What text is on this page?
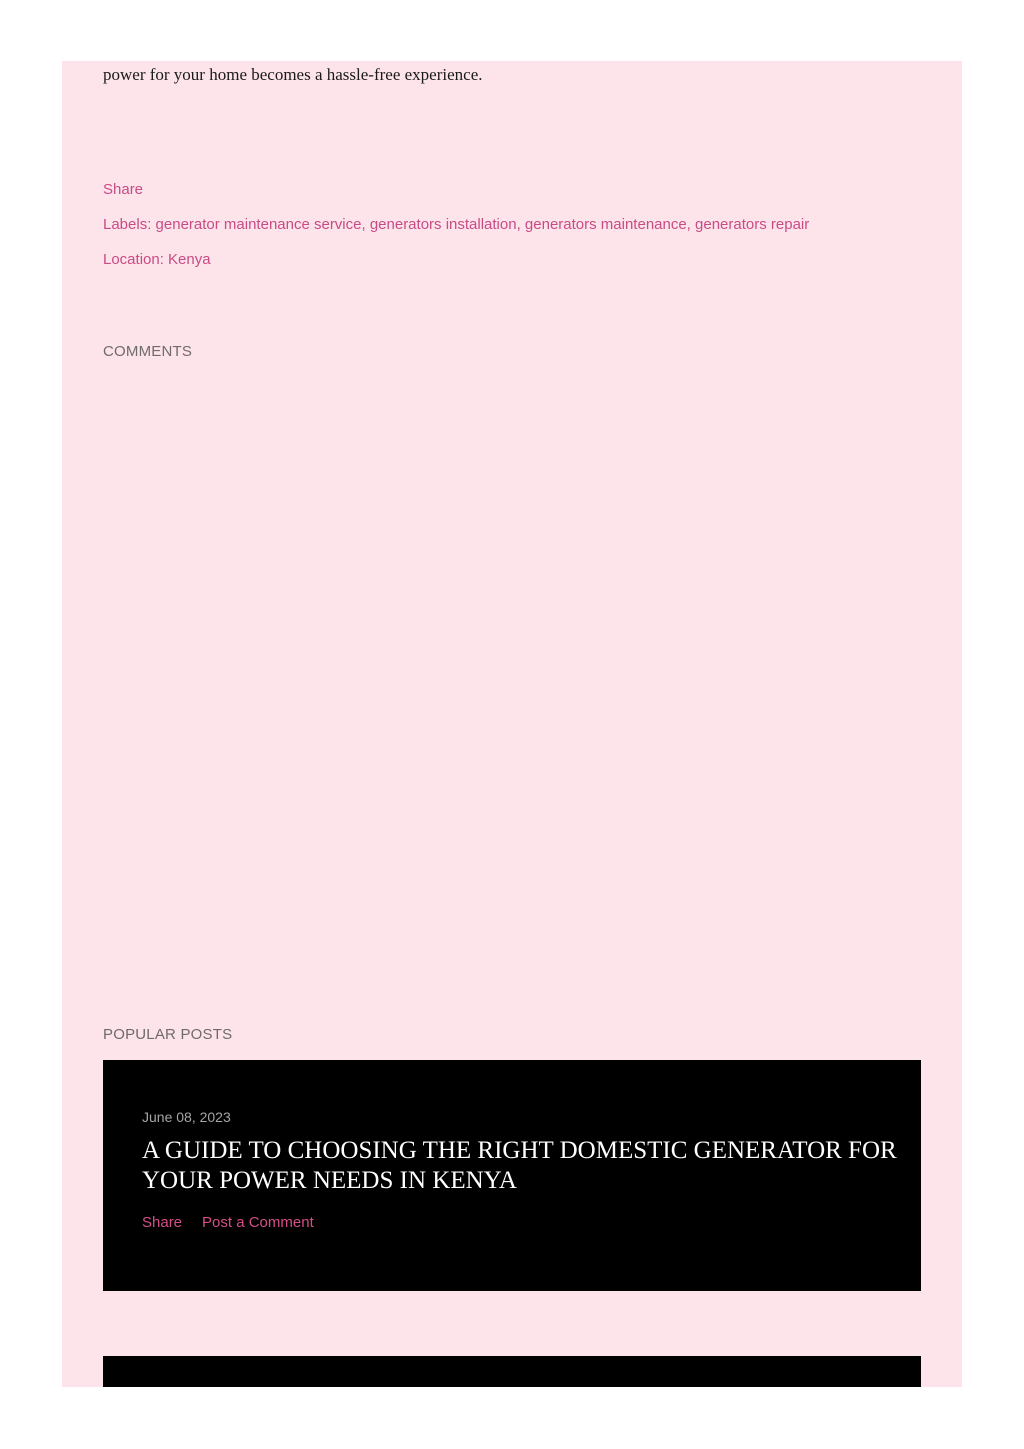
power for your home becomes a hassle-free experience.

Share
Labels: generator maintenance service, generators installation, generators maintenance, generators repair
Location: Kenya
COMMENTS
POPULAR POSTS
June 08, 2023
A GUIDE TO CHOOSING THE RIGHT DOMESTIC GENERATOR FOR YOUR POWER NEEDS IN KENYA
Share Post a Comment
